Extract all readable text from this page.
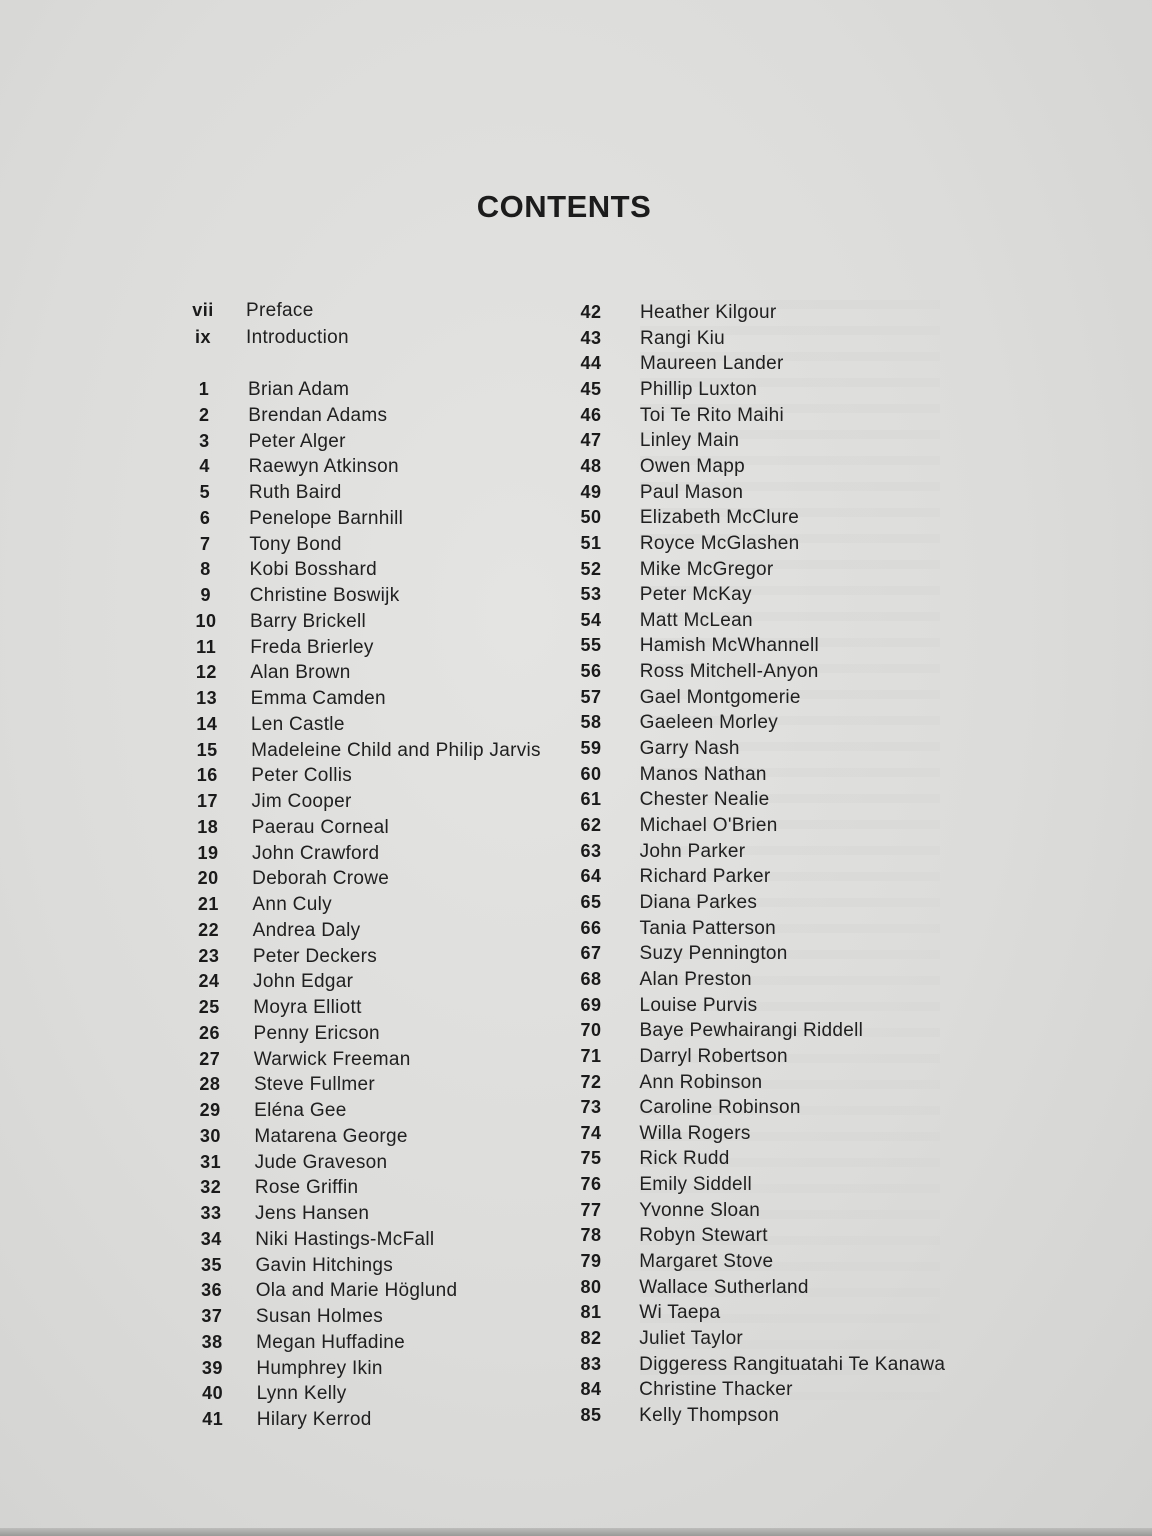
CONTENTS
vii	Preface
ix	Introduction
1	Brian Adam
2	Brendan Adams
3	Peter Alger
4	Raewyn Atkinson
5	Ruth Baird
6	Penelope Barnhill
7	Tony Bond
8	Kobi Bosshard
9	Christine Boswijk
10	Barry Brickell
11	Freda Brierley
12	Alan Brown
13	Emma Camden
14	Len Castle
15	Madeleine Child and Philip Jarvis
16	Peter Collis
17	Jim Cooper
18	Paerau Corneal
19	John Crawford
20	Deborah Crowe
21	Ann Culy
22	Andrea Daly
23	Peter Deckers
24	John Edgar
25	Moyra Elliott
26	Penny Ericson
27	Warwick Freeman
28	Steve Fullmer
29	Eléna Gee
30	Matarena George
31	Jude Graveson
32	Rose Griffin
33	Jens Hansen
34	Niki Hastings-McFall
35	Gavin Hitchings
36	Ola and Marie Höglund
37	Susan Holmes
38	Megan Huffadine
39	Humphrey Ikin
40	Lynn Kelly
41	Hilary Kerrod
42	Heather Kilgour
43	Rangi Kiu
44	Maureen Lander
45	Phillip Luxton
46	Toi Te Rito Maihi
47	Linley Main
48	Owen Mapp
49	Paul Mason
50	Elizabeth McClure
51	Royce McGlashen
52	Mike McGregor
53	Peter McKay
54	Matt McLean
55	Hamish McWhannell
56	Ross Mitchell-Anyon
57	Gael Montgomerie
58	Gaeleen Morley
59	Garry Nash
60	Manos Nathan
61	Chester Nealie
62	Michael O'Brien
63	John Parker
64	Richard Parker
65	Diana Parkes
66	Tania Patterson
67	Suzy Pennington
68	Alan Preston
69	Louise Purvis
70	Baye Pewhairangi Riddell
71	Darryl Robertson
72	Ann Robinson
73	Caroline Robinson
74	Willa Rogers
75	Rick Rudd
76	Emily Siddell
77	Yvonne Sloan
78	Robyn Stewart
79	Margaret Stove
80	Wallace Sutherland
81	Wi Taepa
82	Juliet Taylor
83	Diggeress Rangituatahi Te Kanawa
84	Christine Thacker
85	Kelly Thompson
